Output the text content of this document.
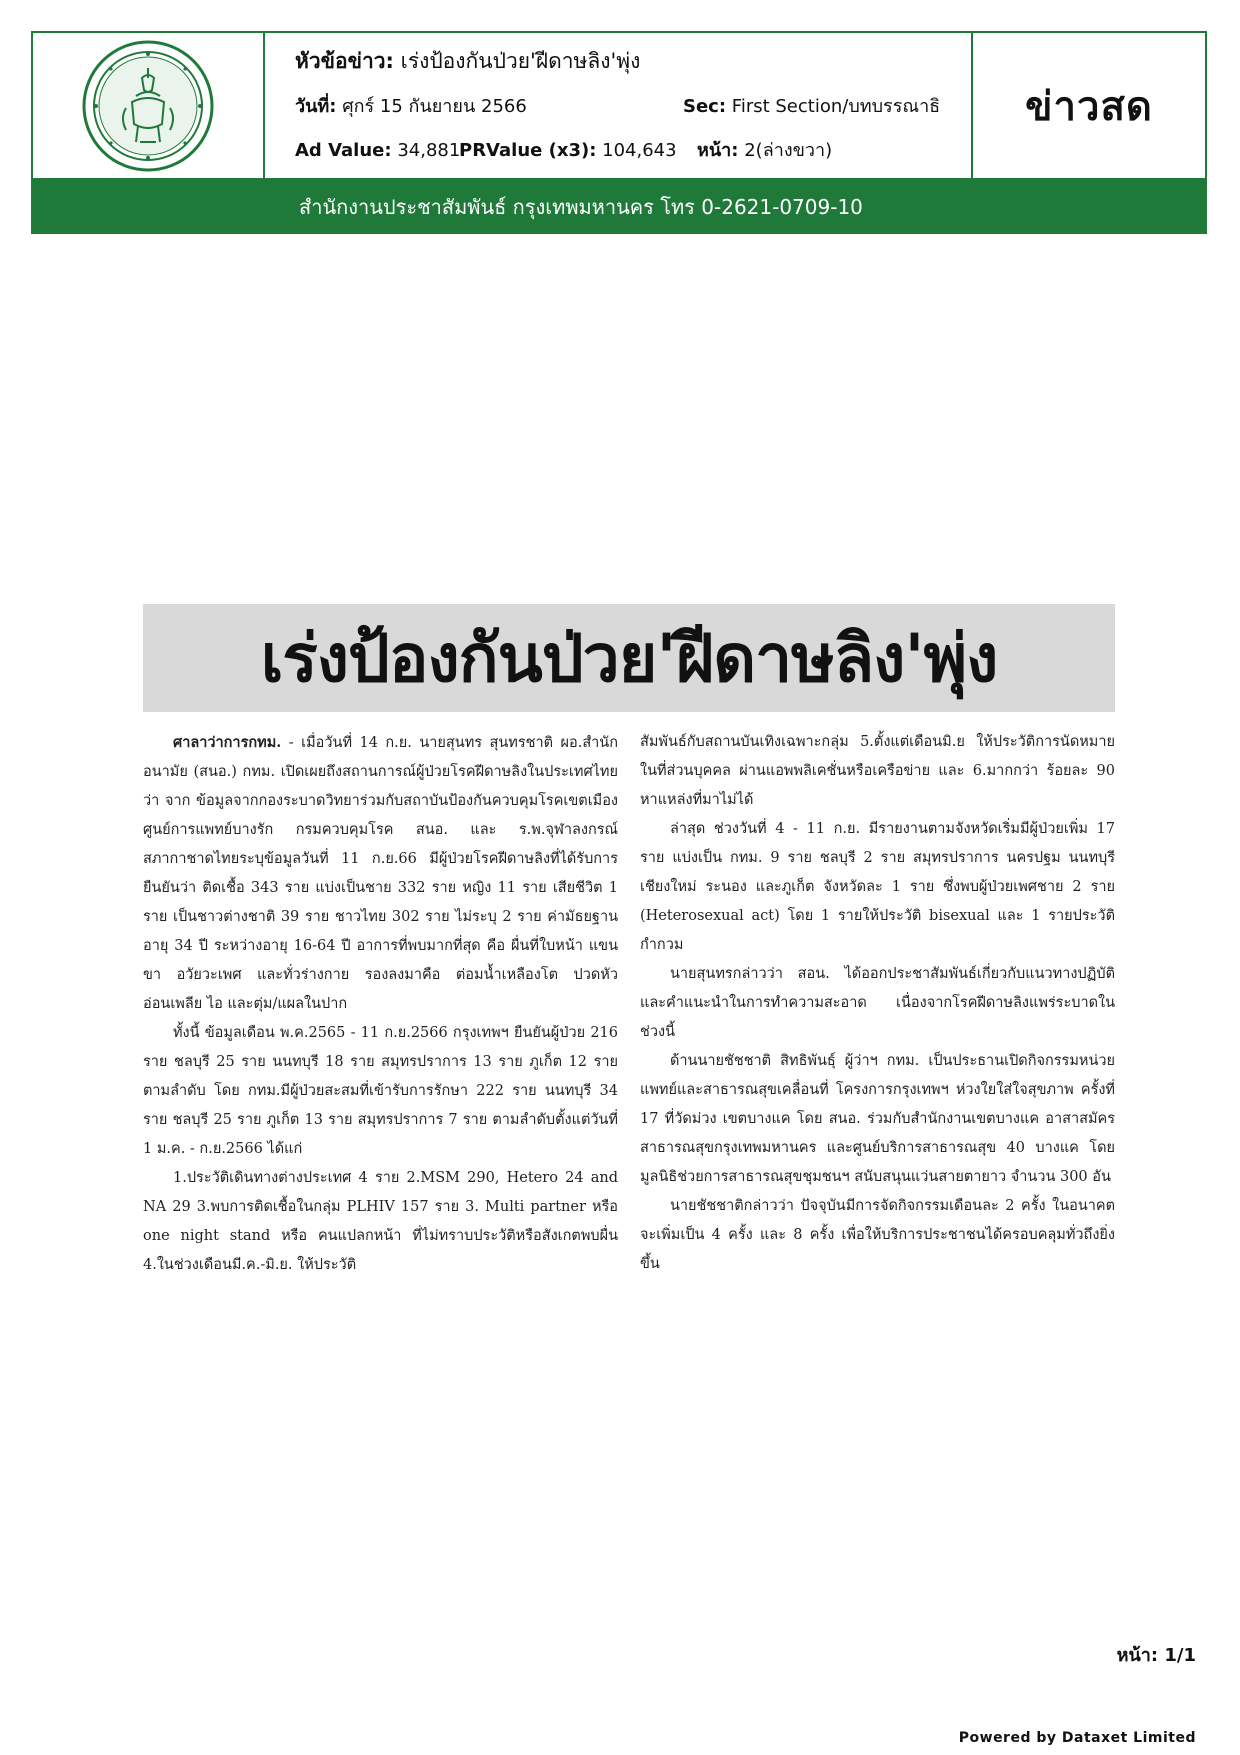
หัวข้อข่าว: เร่งป้องกันป่วย'ฝีดาษลิง'พุ่ง
วันที่: ศุกร์ 15 กันยายน 2566	Sec: First Section/บทบรรณาธิ
Ad Value: 34,881
PRValue (x3): 104,643 หน้า: 2(ล่างขวา)
ข่าวสด
สำนักงานประชาสัมพันธ์ กรุงเทพมหานคร โทร 0-2621-0709-10
เร่งป้องกันป่วย'ฝีดาษลิง'พุ่ง

ศาลาว่าการกทม. - เมื่อวันที่ 14 ก.ย. นายสุนทร สุนทรชาติ ผอ.สำนักอนามัย (สนอ.) กทม. เปิดเผยถึงสถานการณ์ผู้ป่วยโรคฝีดาษลิงในประเทศไทยว่า จาก ข้อมูลจากกองระบาดวิทยาร่วมกับสถาบันป้องกันควบคุมโรคเขตเมือง ศูนย์การแพทย์บางรัก กรมควบคุมโรค สนอ. และ ร.พ.จุฬาลงกรณ์ สภากาชาดไทยระบุข้อมูลวันที่ 11 ก.ย.66 มีผู้ป่วยโรคฝีดาษลิงที่ได้รับการยืนยันว่า ติดเชื้อ 343 ราย แบ่งเป็นชาย 332 ราย หญิง 11 ราย เสียชีวิต 1 ราย เป็นชาวต่างชาติ 39 ราย ชาวไทย 302 ราย ไม่ระบุ 2 ราย ค่ามัธยฐานอายุ 34 ปี ระหว่างอายุ 16-64 ปี อาการที่พบมากที่สุด คือ ผื่นที่ใบหน้า แขนขา อวัยวะเพศ และทั่วร่างกาย รองลงมาคือ ต่อมน้ำเหลืองโต ปวดหัว อ่อนเพลีย ไอ และตุ่ม/แผลในปาก

ทั้งนี้ ข้อมูลเดือน พ.ค.2565 - 11 ก.ย.2566 กรุงเทพฯ ยืนยันผู้ป่วย 216 ราย ชลบุรี 25 ราย นนทบุรี 18 ราย สมุทรปราการ 13 ราย ภูเก็ต 12 ราย ตามลำดับ โดย กทม.มีผู้ป่วยสะสมที่เข้ารับการรักษา 222 ราย นนทบุรี 34 ราย ชลบุรี 25 ราย ภูเก็ต 13 ราย สมุทรปราการ 7 ราย ตามลำดับตั้งแต่วันที่ 1 ม.ค. - ก.ย.2566 ได้แก่

1.ประวัติเดินทางต่างประเทศ 4 ราย 2.MSM 290, Hetero 24 and NA 29 3.พบการติดเชื้อในกลุ่ม PLHIV 157 ราย 3. Multi partner หรือ one night stand หรือ คนแปลกหน้า ที่ไม่ทราบประวัติหรือสังเกตพบผื่น 4.ในช่วงเดือนมี.ค.-มิ.ย. ให้ประวัติ

สัมพันธ์กับสถานบันเทิงเฉพาะกลุ่ม 5.ตั้งแต่เดือนมิ.ย ให้ประวัติการนัดหมายในที่ส่วนบุคคล ผ่านแอพพลิเคชั่นหรือเครือข่าย และ 6.มากกว่า ร้อยละ 90 หาแหล่งที่มาไม่ได้

ล่าสุด ช่วงวันที่ 4 - 11 ก.ย. มีรายงานตามจังหวัดเริ่มมีผู้ป่วยเพิ่ม 17 ราย แบ่งเป็น กทม. 9 ราย ชลบุรี 2 ราย สมุทรปราการ นครปฐม นนทบุรี เชียงใหม่ ระนอง และภูเก็ต จังหวัดละ 1 ราย ซึ่งพบผู้ป่วยเพศชาย 2 ราย (Heterosexual act) โดย 1 รายให้ประวัติ bisexual และ 1 รายประวัติกำกวม

นายสุนทรกล่าวว่า สอน. ได้ออกประชาสัมพันธ์เกี่ยวกับแนวทางปฏิบัติและคำแนะนำในการทำความสะอาด เนื่องจากโรคฝีดาษลิงแพร่ระบาดในช่วงนี้

ด้านนายชัชชาติ สิทธิพันธุ์ ผู้ว่าฯ กทม. เป็นประธานเปิดกิจกรรมหน่วยแพทย์และสาธารณสุขเคลื่อนที่ โครงการกรุงเทพฯ ห่วงใยใส่ใจสุขภาพ ครั้งที่ 17 ที่วัดม่วง เขตบางแค โดย สนอ. ร่วมกับสำนักงานเขตบางแค อาสาสมัครสาธารณสุขกรุงเทพมหานคร และศูนย์บริการสาธารณสุข 40 บางแค โดยมูลนิธิช่วยการสาธารณสุขชุมชนฯ สนับสนุนแว่นสายตายาว จำนวน 300 อัน

นายชัชชาติกล่าวว่า ปัจจุบันมีการจัดกิจกรรมเดือนละ 2 ครั้ง ในอนาคตจะเพิ่มเป็น 4 ครั้ง และ 8 ครั้ง เพื่อให้บริการประชาชนได้ครอบคลุมทั่วถึงยิ่งขึ้น

หน้า: 1/1
Powered by Dataxet Limited
